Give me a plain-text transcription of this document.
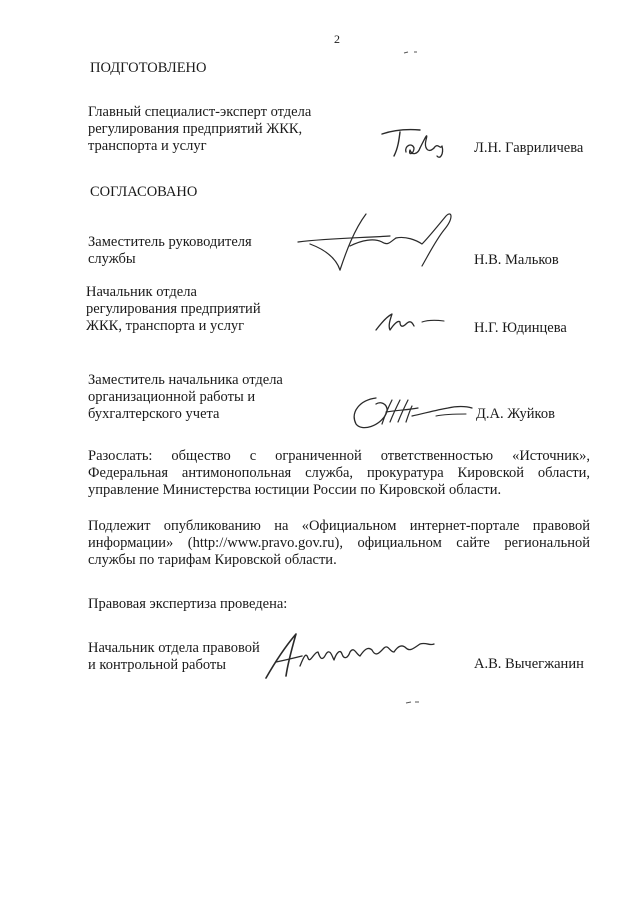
2
ПОДГОТОВЛЕНО
Главный специалист-эксперт отдела
регулирования предприятий ЖКК,
транспорта и услуг	Л.Н. Гавриличева
СОГЛАСОВАНО
Заместитель руководителя
службы	Н.В. Мальков
Начальник отдела
регулирования предприятий
ЖКК, транспорта и услуг	Н.Г. Юдинцева
Заместитель начальника отдела
организационной работы и
бухгалтерского учета	Д.А. Жуйков

Разослать: общество с ограниченной ответственностью «Источник», Федеральная антимонопольная служба, прокуратура Кировской области, управление Министерства юстиции России по Кировской области.

Подлежит опубликованию на «Официальном интернет-портале правовой информации» (http://www.pravo.gov.ru), официальном сайте региональной службы по тарифам Кировской области.

Правовая экспертиза проведена:
Начальник отдела правовой
и контрольной работы	А.В. Вычегжанин
